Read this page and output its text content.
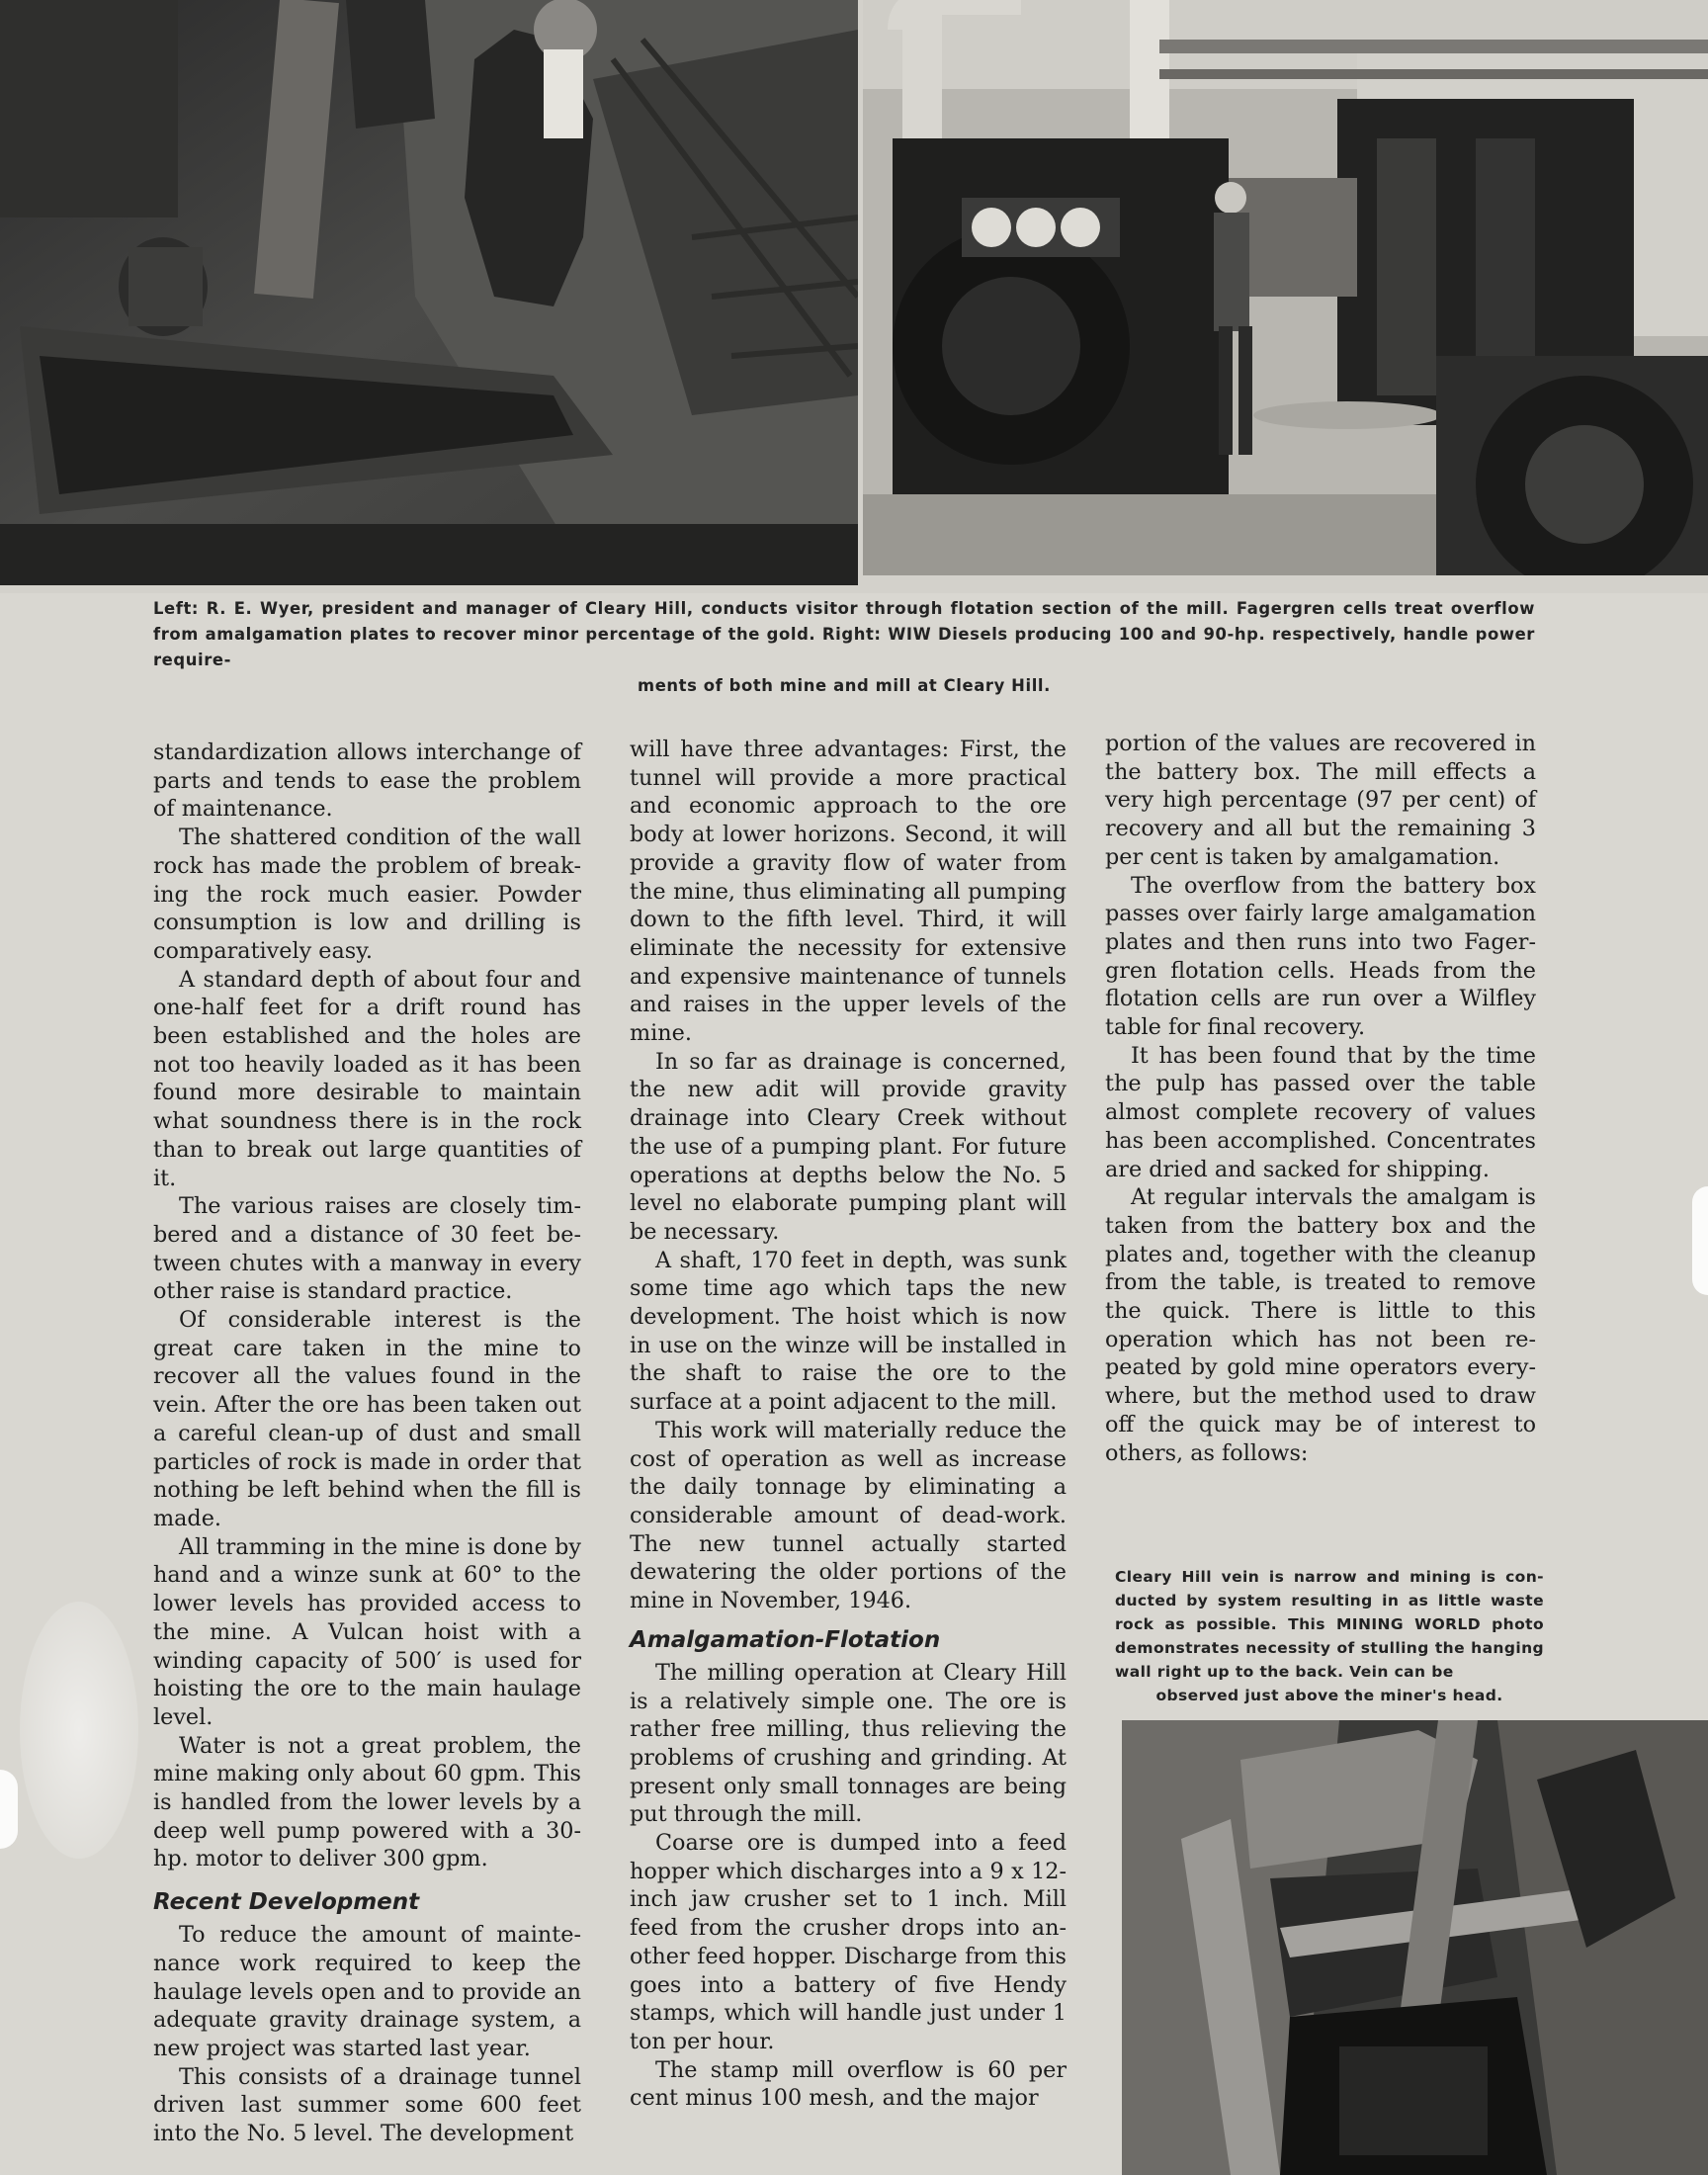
Left: R. E. Wyer, president and manager of Cleary Hill, conducts visitor through flotation section of the mill. Fagergren cells treat overflow from amalgamation plates to recover minor percentage of the gold. Right: WIW Diesels producing 100 and 90-hp. respectively, handle power require-
ments of both mine and mill at Cleary Hill.

standardization allows interchange of parts and tends to ease the problem of maintenance.

The shattered condition of the wall rock has made the problem of breaking the rock much easier. Powder consumption is low and drilling is comparatively easy.

A standard depth of about four and one-half feet for a drift round has been established and the holes are not too heavily loaded as it has been found more desirable to maintain what soundness there is in the rock than to break out large quantities of it.

The various raises are closely timbered and a distance of 30 feet between chutes with a manway in every other raise is standard practice.

Of considerable interest is the great care taken in the mine to recover all the values found in the vein. After the ore has been taken out a careful clean-up of dust and small particles of rock is made in order that nothing be left behind when the fill is made.

All tramming in the mine is done by hand and a winze sunk at 60° to the lower levels has provided access to the mine. A Vulcan hoist with a winding capacity of 500′ is used for hoisting the ore to the main haulage level.

Water is not a great problem, the mine making only about 60 gpm. This is handled from the lower levels by a deep well pump powered with a 30-hp. motor to deliver 300 gpm.

Recent Development

To reduce the amount of maintenance work required to keep the haulage levels open and to provide an adequate gravity drainage system, a new project was started last year.

This consists of a drainage tunnel driven last summer some 600 feet into the No. 5 level. The development

will have three advantages: First, the tunnel will provide a more practical and economic approach to the ore body at lower horizons. Second, it will provide a gravity flow of water from the mine, thus eliminating all pumping down to the fifth level. Third, it will eliminate the necessity for extensive and expensive maintenance of tunnels and raises in the upper levels of the mine.

In so far as drainage is concerned, the new adit will provide gravity drainage into Cleary Creek without the use of a pumping plant. For future operations at depths below the No. 5 level no elaborate pumping plant will be necessary.

A shaft, 170 feet in depth, was sunk some time ago which taps the new development. The hoist which is now in use on the winze will be installed in the shaft to raise the ore to the surface at a point adjacent to the mill.

This work will materially reduce the cost of operation as well as increase the daily tonnage by eliminating a considerable amount of dead-work. The new tunnel actually started dewatering the older portions of the mine in November, 1946.

Amalgamation-Flotation

The milling operation at Cleary Hill is a relatively simple one. The ore is rather free milling, thus relieving the problems of crushing and grinding. At present only small tonnages are being put through the mill.

Coarse ore is dumped into a feed hopper which discharges into a 9 x 12-inch jaw crusher set to 1 inch. Mill feed from the crusher drops into another feed hopper. Discharge from this goes into a battery of five Hendy stamps, which will handle just under 1 ton per hour.

The stamp mill overflow is 60 per cent minus 100 mesh, and the major

portion of the values are recovered in the battery box. The mill effects a very high percentage (97 per cent) of recovery and all but the remaining 3 per cent is taken by amalgamation.

The overflow from the battery box passes over fairly large amalgamation plates and then runs into two Fagergren flotation cells. Heads from the flotation cells are run over a Wilfley table for final recovery.

It has been found that by the time the pulp has passed over the table almost complete recovery of values has been accomplished. Concentrates are dried and sacked for shipping.

At regular intervals the amalgam is taken from the battery box and the plates and, together with the cleanup from the table, is treated to remove the quick. There is little to this operation which has not been repeated by gold mine operators everywhere, but the method used to draw off the quick may be of interest to others, as follows:

Cleary Hill vein is narrow and mining is con- ducted by system resulting in as little waste rock as possible. This MINING WORLD photo demonstrates necessity of stulling the hanging wall right up to the back. Vein can be
observed just above the miner's head.
